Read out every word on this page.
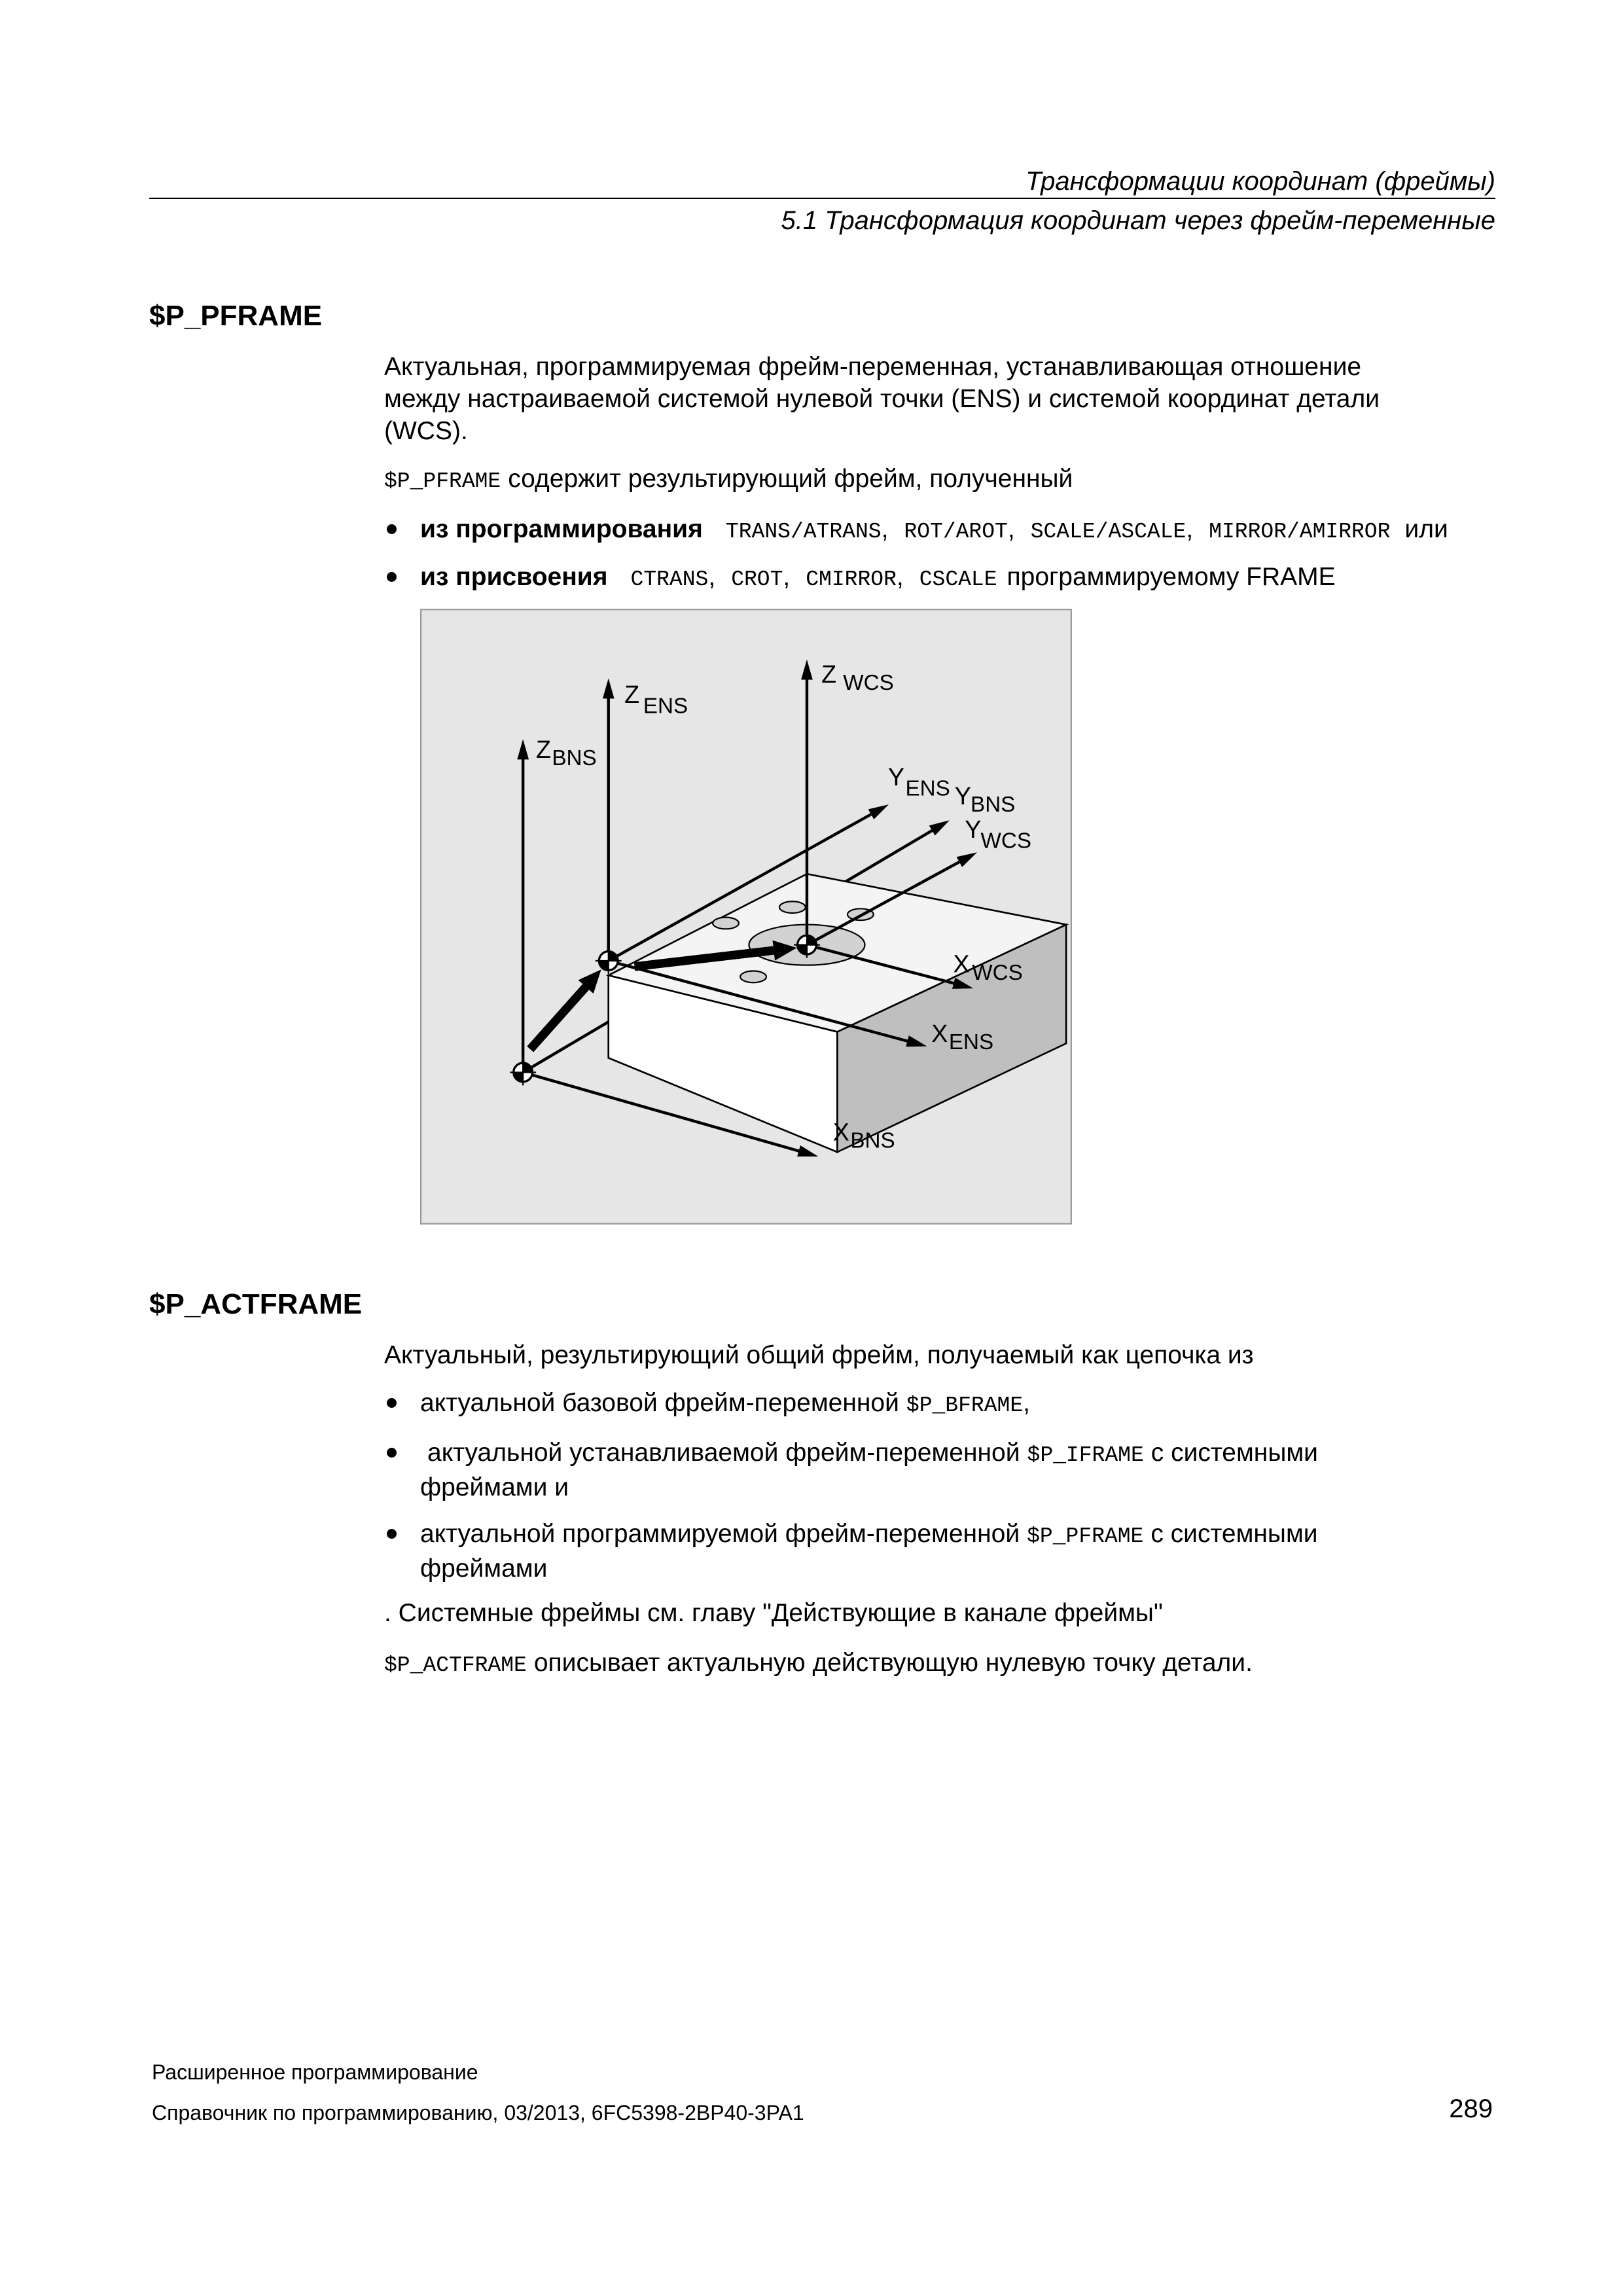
Трансформации координат (фреймы)
5.1 Трансформация координат через фрейм-переменные
$P_PFRAME
Актуальная, программируемая фрейм-переменная, устанавливающая отношение
между настраиваемой системой нулевой точки (ENS) и системой координат детали
(WCS).
$P_PFRAME содержит результирующий фрейм, полученный
из программирования TRANS/ATRANS, ROT/AROT, SCALE/ASCALE, MIRROR/AMIRROR или
из присвоения CTRANS, CROT, CMIRROR, CSCALE программируемому FRAME
Z ENS
Z WCS
ZBNS
YENS YBNS
YWCS
X WCS
XENS
XBNS
$P_ACTFRAME
Актуальный, результирующий общий фрейм, получаемый как цепочка из
актуальной базовой фрейм-переменной $P_BFRAME,
актуальной устанавливаемой фрейм-переменной $P_IFRAME с системными
фреймами и
актуальной программируемой фрейм-переменной $P_PFRAME с системными
фреймами
. Системные фреймы см. главу "Действующие в канале фреймы"
$P_ACTFRAME описывает актуальную действующую нулевую точку детали.
Расширенное программирование
Справочник по программированию, 03/2013, 6FC5398-2BP40-3PA1	289
